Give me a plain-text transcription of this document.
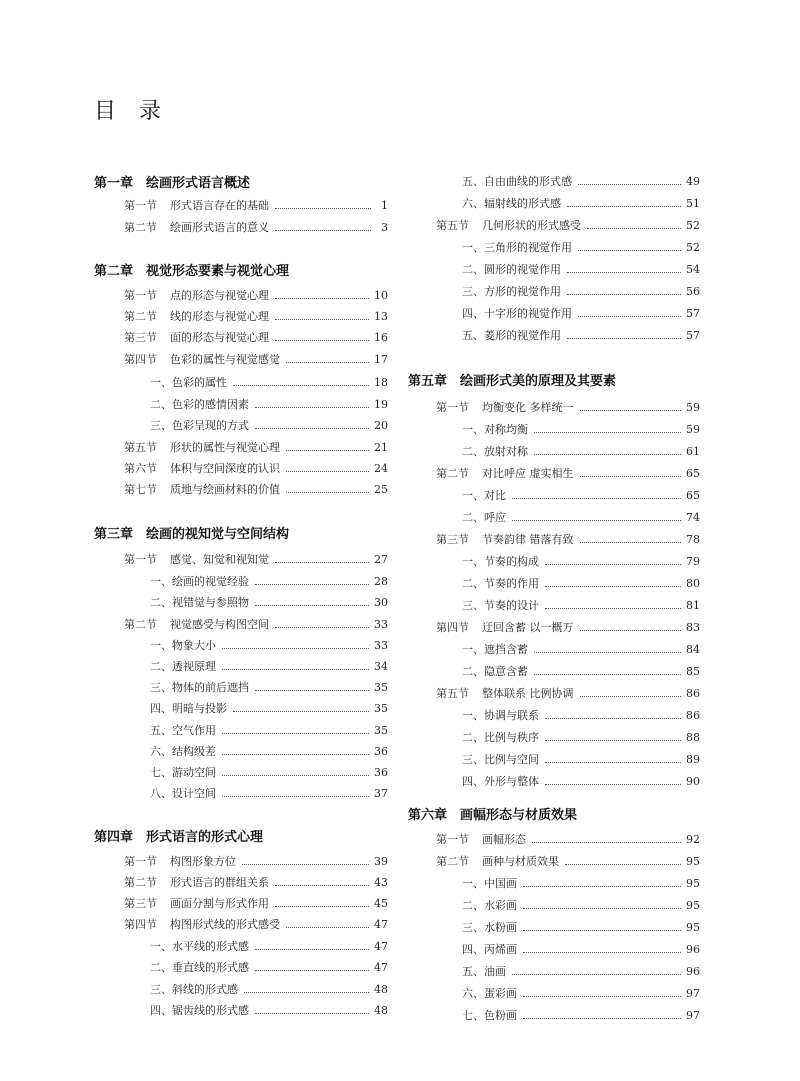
目 录
第一章 绘画形式语言概述
第一节 形式语言存在的基础	1
第二节 绘画形式语言的意义	3
第二章 视觉形态要素与视觉心理
第一节 点的形态与视觉心理	10
第二节 线的形态与视觉心理	13
第三节 面的形态与视觉心理	16
第四节 色彩的属性与视觉感觉	17
一、色彩的属性	18
二、色彩的感情因素	19
三、色彩呈现的方式	20
第五节 形状的属性与视觉心理	21
第六节 体积与空间深度的认识	24
第七节 质地与绘画材料的价值	25
第三章 绘画的视知觉与空间结构
第一节 感觉、知觉和视知觉	27
一、绘画的视觉经验	28
二、视错觉与参照物	30
第二节 视觉感受与构图空间	33
一、物象大小	33
二、透视原理	34
三、物体的前后遮挡	35
四、明暗与投影	35
五、空气作用	35
六、结构级差	36
七、游动空间	36
八、设计空间	37
第四章 形式语言的形式心理
第一节 构图形象方位	39
第二节 形式语言的群组关系	43
第三节 画面分割与形式作用	45
第四节 构图形式线的形式感受	47
一、水平线的形式感	47
二、垂直线的形式感	47
三、斜线的形式感	48
四、锯齿线的形式感	48
五、自由曲线的形式感	49
六、辐射线的形式感	51
第五节 几何形状的形式感受	52
一、三角形的视觉作用	52
二、圆形的视觉作用	54
三、方形的视觉作用	56
四、十字形的视觉作用	57
五、菱形的视觉作用	57
第五章 绘画形式美的原理及其要素
第一节 均衡变化 多样统一	59
一、对称均衡	59
二、放射对称	61
第二节 对比呼应 虚实相生	65
一、对比	65
二、呼应	74
第三节 节奏韵律 错落有致	78
一、节奏的构成	79
二、节奏的作用	80
三、节奏的设计	81
第四节 迂回含蓄 以一概万	83
一、遮挡含蓄	84
二、隐意含蓄	85
第五节 整体联系 比例协调	86
一、协调与联系	86
二、比例与秩序	88
三、比例与空间	89
四、外形与整体	90
第六章 画幅形态与材质效果
第一节 画幅形态	92
第二节 画种与材质效果	95
一、中国画	95
二、水彩画	95
三、水粉画	95
四、丙烯画	96
五、油画	96
六、蛋彩画	97
七、色粉画	97
